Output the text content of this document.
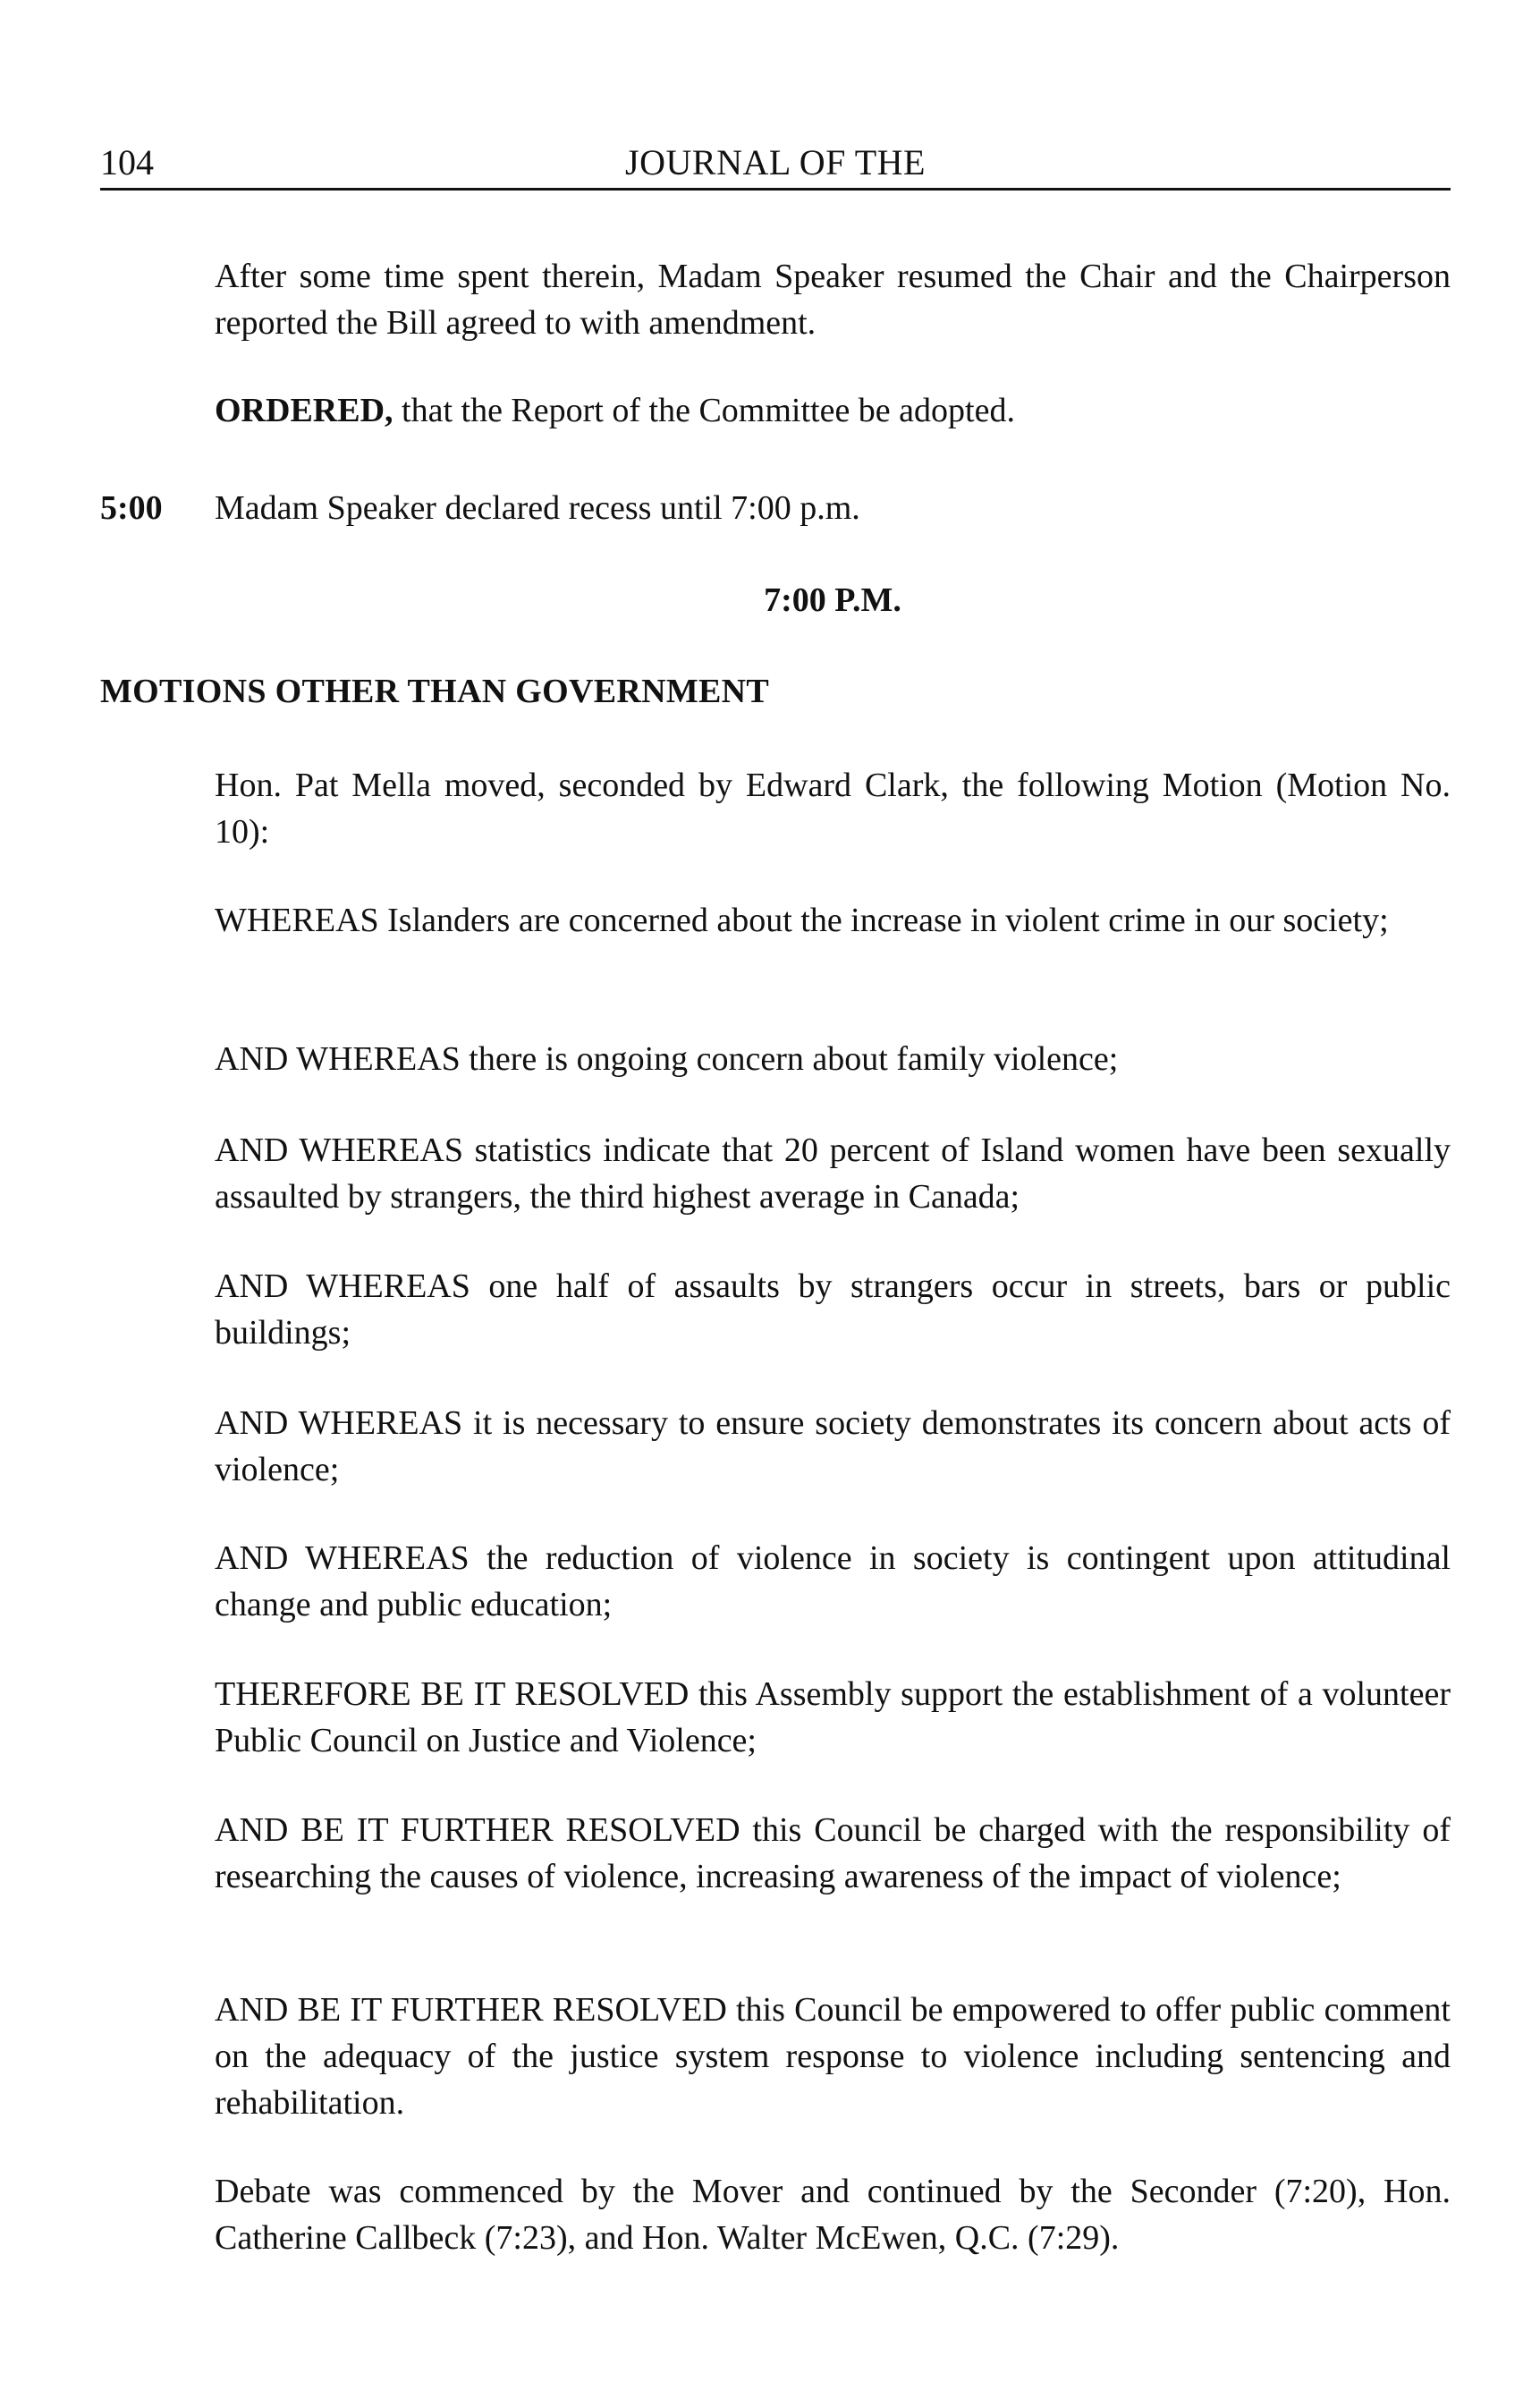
104	JOURNAL OF THE

After some time spent therein, Madam Speaker resumed the Chair and the Chairperson reported the Bill agreed to with amendment.

ORDERED, that the Report of the Committee be adopted.

5:00 Madam Speaker declared recess until 7:00 p.m.

7:00 P.M.
MOTIONS OTHER THAN GOVERNMENT

Hon. Pat Mella moved, seconded by Edward Clark, the following Motion (Motion No. 10):

WHEREAS Islanders are concerned about the increase in violent crime in our society;

AND WHEREAS there is ongoing concern about family violence;

AND WHEREAS statistics indicate that 20 percent of Island women have been sexually assaulted by strangers, the third highest average in Canada;

AND WHEREAS one half of assaults by strangers occur in streets, bars or public buildings;

AND WHEREAS it is necessary to ensure society demonstrates its concern about acts of violence;

AND WHEREAS the reduction of violence in society is contingent upon attitudinal change and public education;

THEREFORE BE IT RESOLVED this Assembly support the establishment of a volunteer Public Council on Justice and Violence;

AND BE IT FURTHER RESOLVED this Council be charged with the responsibility of researching the causes of violence, increasing awareness of the impact of violence;

AND BE IT FURTHER RESOLVED this Council be empowered to offer public comment on the adequacy of the justice system response to violence including sentencing and rehabilitation.

Debate was commenced by the Mover and continued by the Seconder (7:20), Hon. Catherine Callbeck (7:23), and Hon. Walter McEwen, Q.C. (7:29).
